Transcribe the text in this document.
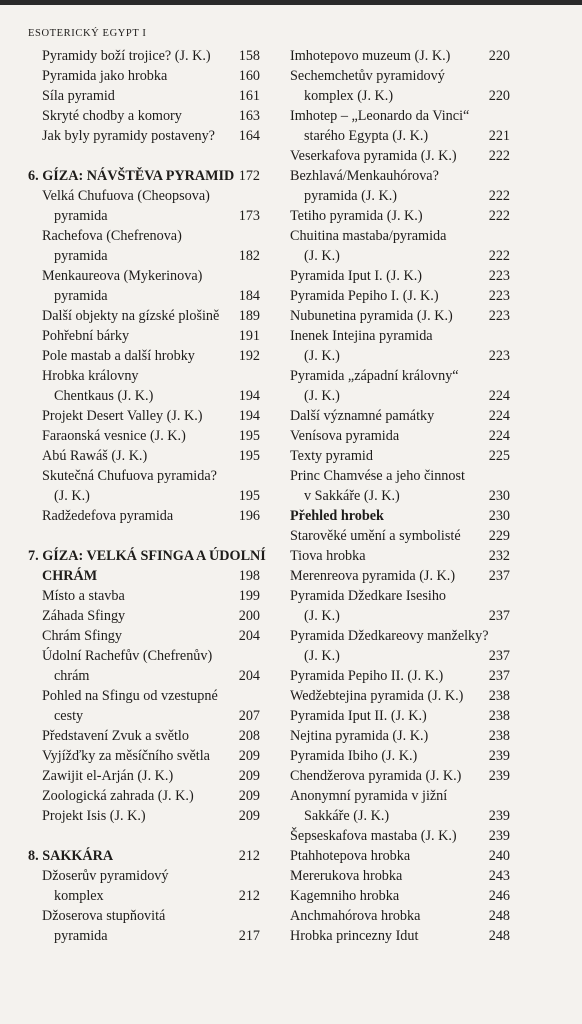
ESOTERICKÝ EGYPT I
Pyramidy boží trojice? (J. K.) 158
Pyramida jako hrobka	160
Síla pyramid	161
Skryté chodby a komory	163
Jak byly pyramidy postaveny? 164
6. GÍZA: NÁVŠTĚVA PYRAMID 172
Velká Chufuova (Cheopsova)
pyramida	173
Rachefova (Chefrenova)
pyramida	182
Menkaureova (Mykerinova)
pyramida	184
Další objekty na gízské plošině 189
Pohřební bárky	191
Pole mastab a další hrobky	192
Hrobka královny
Chentkaus (J. K.)	194
Projekt Desert Valley (J. K.)	194
Faraonská vesnice (J. K.)	195
Abú Rawáš (J. K.)	195
Skutečná Chufuova pyramida?
(J. K.)	195
Radžedefova pyramida	196
7. GÍZA: VELKÁ SFINGA A ÚDOLNÍ
CHRÁM	198
Místo a stavba	199
Záhada Sfingy	200
Chrám Sfingy	204
Údolní Rachefův (Chefrenův)
chrám	204
Pohled na Sfingu od vzestupné
cesty	207
Představení Zvuk a světlo	208
Vyjížďky za měsíčního světla 209
Zawijit el-Arján (J. K.)	209
Zoologická zahrada (J. K.)	209
Projekt Isis (J. K.)	209
8. SAKKÁRA	212
Džoserův pyramidový
komplex	212
Džoserova stupňovitá
pyramida	217
Imhotepovo muzeum (J. K.)	220
Sechemchetův pyramidový
komplex (J. K.)	220
Imhotep – „Leonardo da Vinci“
starého Egypta (J. K.)	221
Veserkafova pyramida (J. K.) 222
Bezhlavá/Menkauhórova?
pyramida (J. K.)	222
Tetiho pyramida (J. K.)	222
Chuitina mastaba/pyramida
(J. K.)	222
Pyramida Iput I. (J. K.)	223
Pyramida Pepiho I. (J. K.)	223
Nubunetina pyramida (J. K.)	223
Inenek Intejina pyramida
(J. K.)	223
Pyramida „západní královny“
(J. K.)	224
Další významné památky	224
Venísova pyramida	224
Texty pyramid	225
Princ Chamvése a jeho činnost
v Sakkáře (J. K.)	230
Přehled hrobek	230
Starověké umění a symbolisté 229
Tiova hrobka	232
Merenreova pyramida (J. K.) 237
Pyramida Džedkare Isesiho
(J. K.)	237
Pyramida Džedkareovy manželky?
(J. K.)	237
Pyramida Pepiho II. (J. K.)	237
Wedžebtejina pyramida (J. K.) 238
Pyramida Iput II. (J. K.)	238
Nejtina pyramida (J. K.)	238
Pyramida Ibiho (J. K.)	239
Chendžerova pyramida (J. K.) 239
Anonymní pyramida v jižní
Sakkáře (J. K.)	239
Šepseskafova mastaba (J. K.) 239
Ptahhotepova hrobka	240
Mererukova hrobka	243
Kagemniho hrobka	246
Anchmahórova hrobka	248
Hrobka princezny Idut	248
